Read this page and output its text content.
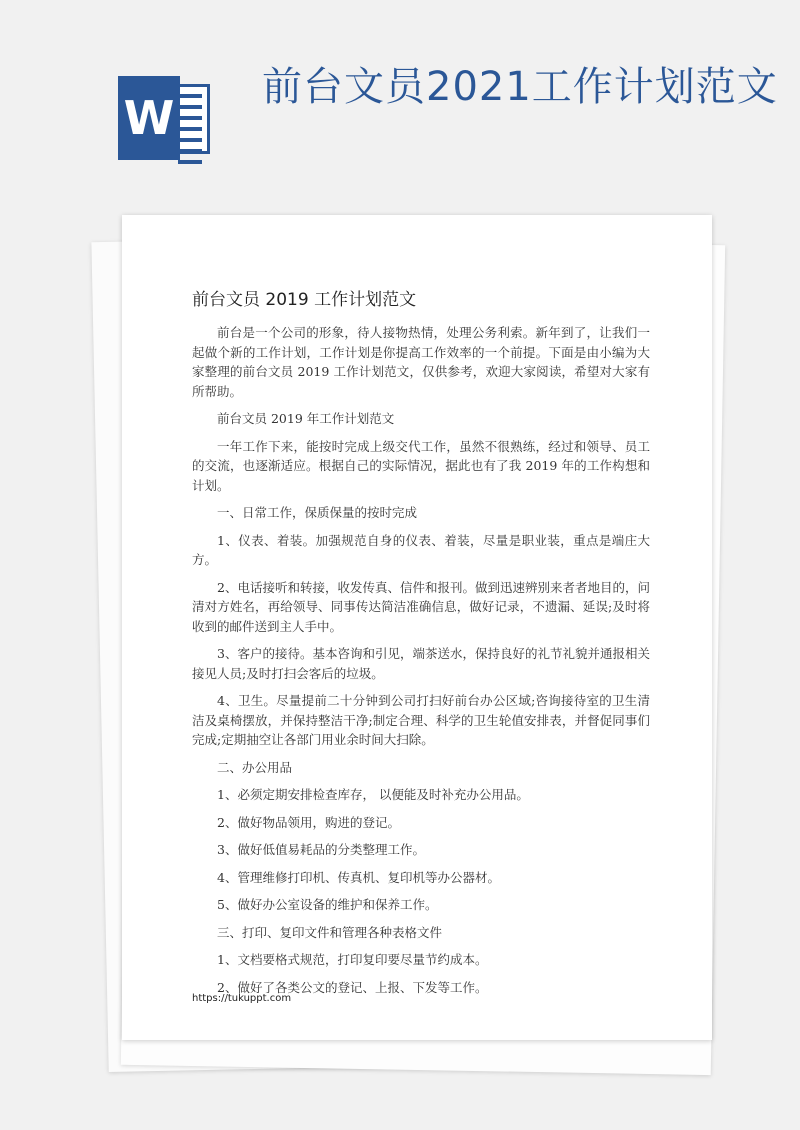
W
前台文员2021工作计划范文
前台文员 2019 工作计划范文

前台是一个公司的形象，待人接物热情，处理公务利索。新年到了，让我们一起做个新的工作计划，工作计划是你提高工作效率的一个前提。下面是由小编为大家整理的前台文员 2019 工作计划范文，仅供参考，欢迎大家阅读，希望对大家有所帮助。

前台文员 2019 年工作计划范文

一年工作下来，能按时完成上级交代工作，虽然不很熟练，经过和领导、员工的交流，也逐渐适应。根据自己的实际情况，据此也有了我 2019 年的工作构想和计划。

一、日常工作，保质保量的按时完成

1、仪表、着装。加强规范自身的仪表、着装，尽量是职业装，重点是端庄大方。

2、电话接听和转接，收发传真、信件和报刊。做到迅速辨别来者者地目的，问清对方姓名，再给领导、同事传达简洁准确信息，做好记录，不遗漏、延误;及时将收到的邮件送到主人手中。

3、客户的接待。基本咨询和引见，端茶送水，保持良好的礼节礼貌并通报相关接见人员;及时打扫会客后的垃圾。

4、卫生。尽量提前二十分钟到公司打扫好前台办公区域;咨询接待室的卫生清洁及桌椅摆放，并保持整洁干净;制定合理、科学的卫生轮值安排表，并督促同事们完成;定期抽空让各部门用业余时间大扫除。

二、办公用品

1、必须定期安排检查库存， 以便能及时补充办公用品。

2、做好物品领用，购进的登记。

3、做好低值易耗品的分类整理工作。

4、管理维修打印机、传真机、复印机等办公器材。

5、做好办公室设备的维护和保养工作。

三、打印、复印文件和管理各种表格文件

1、文档要格式规范，打印复印要尽量节约成本。

2、做好了各类公文的登记、上报、下发等工作。

https://tukuppt.com
